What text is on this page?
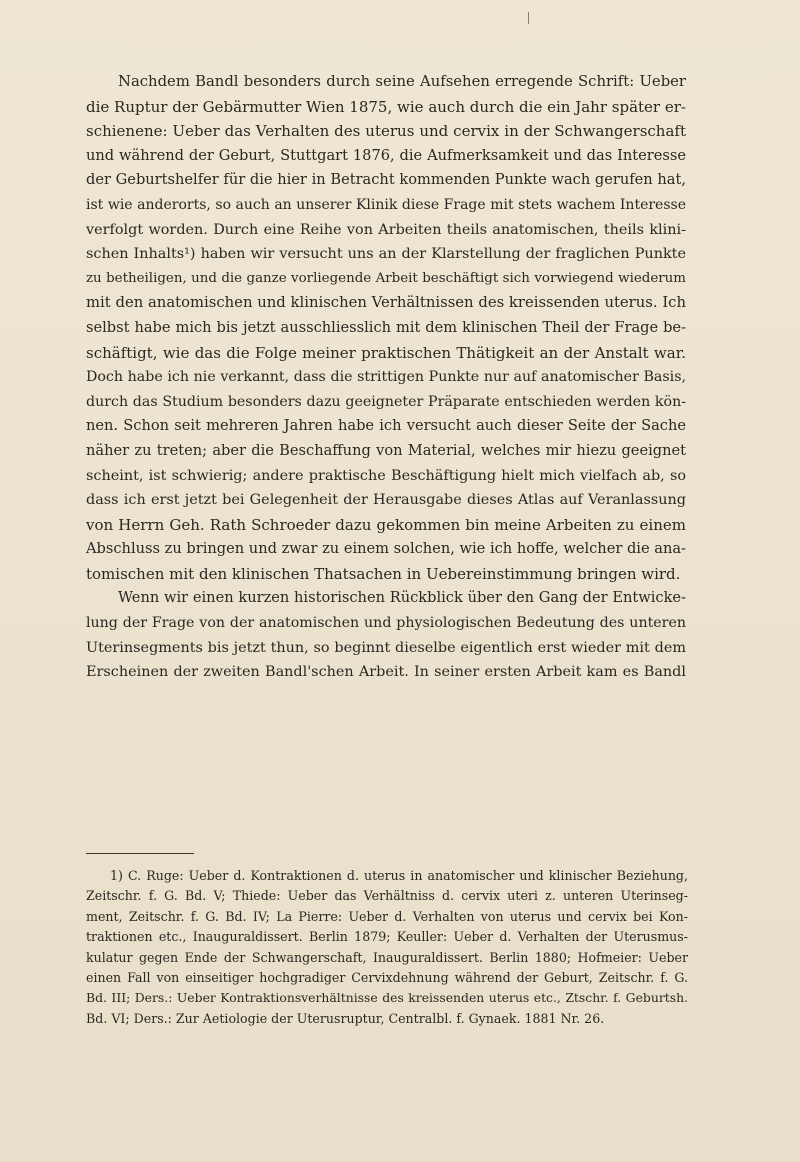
Nachdem Bandl besonders durch seine Aufsehen erregende Schrift: Ueber
die Ruptur der Gebärmutter Wien 1875, wie auch durch die ein Jahr später er-
schienene: Ueber das Verhalten des uterus und cervix in der Schwangerschaft
und während der Geburt, Stuttgart 1876, die Aufmerksamkeit und das Interesse
der Geburtshelfer für die hier in Betracht kommenden Punkte wach gerufen hat,
ist wie anderorts, so auch an unserer Klinik diese Frage mit stets wachem Interesse
verfolgt worden. Durch eine Reihe von Arbeiten theils anatomischen, theils klini-
schen Inhalts¹) haben wir versucht uns an der Klarstellung der fraglichen Punkte
zu betheiligen, und die ganze vorliegende Arbeit beschäftigt sich vorwiegend wiederum
mit den anatomischen und klinischen Verhältnissen des kreissenden uterus. Ich
selbst habe mich bis jetzt ausschliesslich mit dem klinischen Theil der Frage be-
schäftigt, wie das die Folge meiner praktischen Thätigkeit an der Anstalt war.
Doch habe ich nie verkannt, dass die strittigen Punkte nur auf anatomischer Basis,
durch das Studium besonders dazu geeigneter Präparate entschieden werden kön-
nen. Schon seit mehreren Jahren habe ich versucht auch dieser Seite der Sache
näher zu treten; aber die Beschaffung von Material, welches mir hiezu geeignet
scheint, ist schwierig; andere praktische Beschäftigung hielt mich vielfach ab, so
dass ich erst jetzt bei Gelegenheit der Herausgabe dieses Atlas auf Veranlassung
von Herrn Geh. Rath Schroeder dazu gekommen bin meine Arbeiten zu einem
Abschluss zu bringen und zwar zu einem solchen, wie ich hoffe, welcher die ana-
tomischen mit den klinischen Thatsachen in Uebereinstimmung bringen wird.
Wenn wir einen kurzen historischen Rückblick über den Gang der Entwicke-
lung der Frage von der anatomischen und physiologischen Bedeutung des unteren
Uterinsegments bis jetzt thun, so beginnt dieselbe eigentlich erst wieder mit dem
Erscheinen der zweiten Bandl'schen Arbeit. In seiner ersten Arbeit kam es Bandl
1) C. Ruge: Ueber d. Kontraktionen d. uterus in anatomischer und klinischer Beziehung,
Zeitschr. f. G. Bd. V; Thiede: Ueber das Verhältniss d. cervix uteri z. unteren Uterinseg-
ment, Zeitschr. f. G. Bd. IV; La Pierre: Ueber d. Verhalten von uterus und cervix bei Kon-
traktionen etc., Inauguraldissert. Berlin 1879; Keuller: Ueber d. Verhalten der Uterusmus-
kulatur gegen Ende der Schwangerschaft, Inauguraldissert. Berlin 1880; Hofmeier: Ueber
einen Fall von einseitiger hochgradiger Cervixdehnung während der Geburt, Zeitschr. f. G.
Bd. III; Ders.: Ueber Kontraktionsverhältnisse des kreissenden uterus etc., Ztschr. f. Geburtsh.
Bd. VI; Ders.: Zur Aetiologie der Uterusruptur, Centralbl. f. Gynaek. 1881 Nr. 26.
